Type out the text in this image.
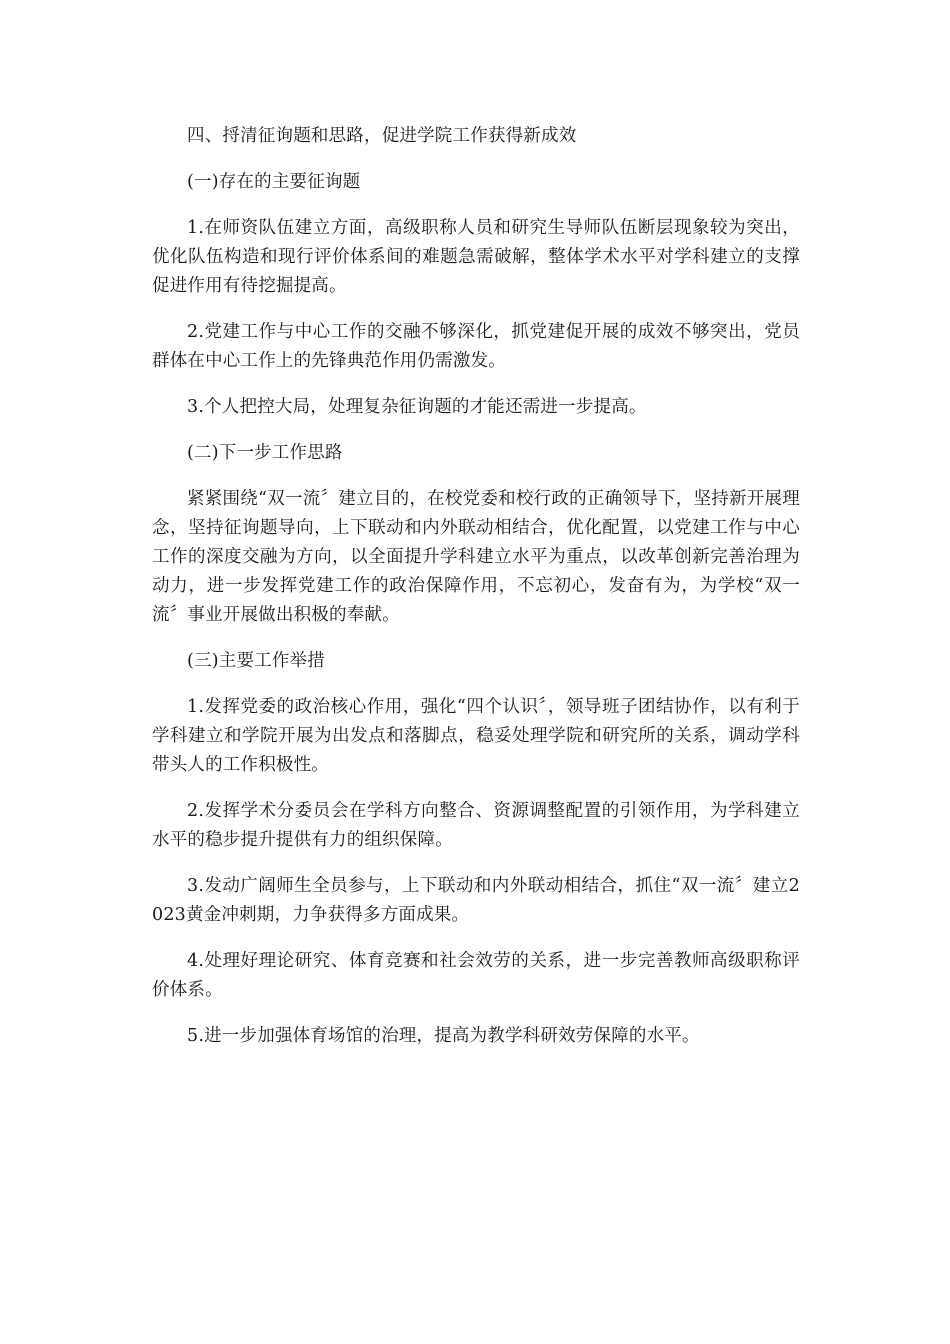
四、捋清征询题和思路，促进学院工作获得新成效

(一)存在的主要征询题

1.在师资队伍建立方面，高级职称人员和研究生导师队伍断层现象较为突出，优化队伍构造和现行评价体系间的难题急需破解，整体学术水平对学科建立的支撑促进作用有待挖掘提高。

2.党建工作与中心工作的交融不够深化，抓党建促开展的成效不够突出，党员群体在中心工作上的先锋典范作用仍需激发。

3.个人把控大局，处理复杂征询题的才能还需进一步提高。

(二)下一步工作思路

紧紧围绕“双一流〞建立目的，在校党委和校行政的正确领导下，坚持新开展理念，坚持征询题导向，上下联动和内外联动相结合，优化配置，以党建工作与中心工作的深度交融为方向，以全面提升学科建立水平为重点，以改革创新完善治理为动力，进一步发挥党建工作的政治保障作用，不忘初心，发奋有为，为学校“双一流〞事业开展做出积极的奉献。

(三)主要工作举措

1.发挥党委的政治核心作用，强化“四个认识〞，领导班子团结协作，以有利于学科建立和学院开展为出发点和落脚点，稳妥处理学院和研究所的关系，调动学科带头人的工作积极性。

2.发挥学术分委员会在学科方向整合、资源调整配置的引领作用，为学科建立水平的稳步提升提供有力的组织保障。

3.发动广阔师生全员参与，上下联动和内外联动相结合，抓住“双一流〞建立2023黄金冲刺期，力争获得多方面成果。

4.处理好理论研究、体育竞赛和社会效劳的关系，进一步完善教师高级职称评价体系。

5.进一步加强体育场馆的治理，提高为教学科研效劳保障的水平。
